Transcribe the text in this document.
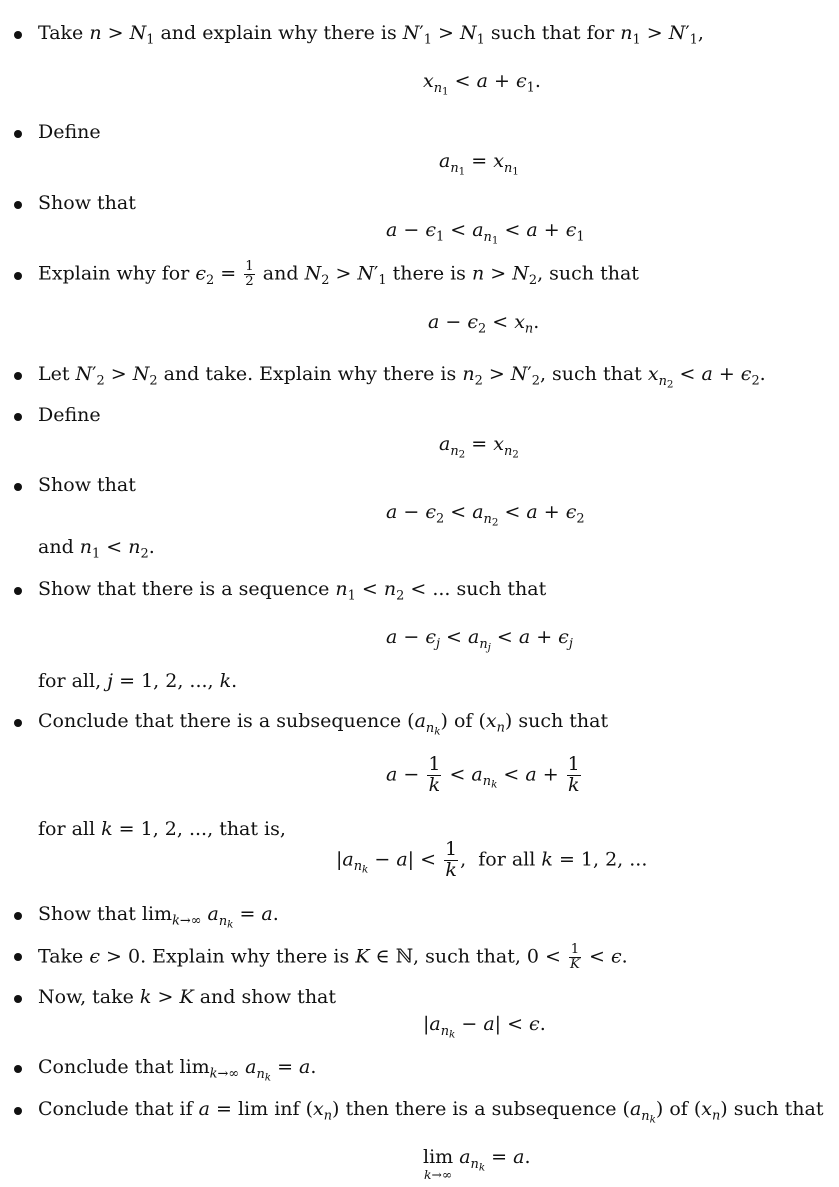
Take $n > N_1$ and explain why there is $N'_1 > N_1$ such that for $n_1 > N'_1$,
$x_{n_1} < a + \epsilon_1$.
Define
$a_{n_1} = x_{n_1}$
Show that
$a - \epsilon_1 < a_{n_1} < a + \epsilon_1$
Explain why for $\epsilon_2 = \frac{1}{2}$ and $N_2 > N'_1$ there is $n > N_2$, such that
$a - \epsilon_2 < x_n$.
Let $N'_2 > N_2$ and take. Explain why there is $n_2 > N'_2$, such that $x_{n_2} < a + \epsilon_2$.
Define
$a_{n_2} = x_{n_2}$
Show that
$a - \epsilon_2 < a_{n_2} < a + \epsilon_2$
and $n_1 < n_2$.
Show that there is a sequence $n_1 < n_2$ < ... such that
$a - \epsilon_j < a_{n_j} < a + \epsilon_j$
for all, j = 1, 2, ..., k.
Conclude that there is a subsequence $(a_{n_k})$ of $(x_n)$ such that
$a - \frac{1}{k} < a_{n_k} < a + \frac{1}{k}$
for all k = 1, 2, ..., that is,
$|a_{n_k} - a| < \frac{1}{k}$ ,  for all k = 1, 2, ...
Show that $\lim_{k\to\infty} a_{n_k} = a$.
Take ϵ > 0. Explain why there is K ∈ ℕ, such that, $0 < \frac{1}{K} < \epsilon$.
Now, take k > K and show that
$|a_{n_k} - a| < \epsilon$.
Conclude that $\lim_{k\to\infty} a_{n_k} = a$.
Conclude that if a = lim inf $(x_n)$ then there is a subsequence $(a_{n_k})$ of $(x_n)$ such that
lim
k→∞
$a_{n_k} = a$.
